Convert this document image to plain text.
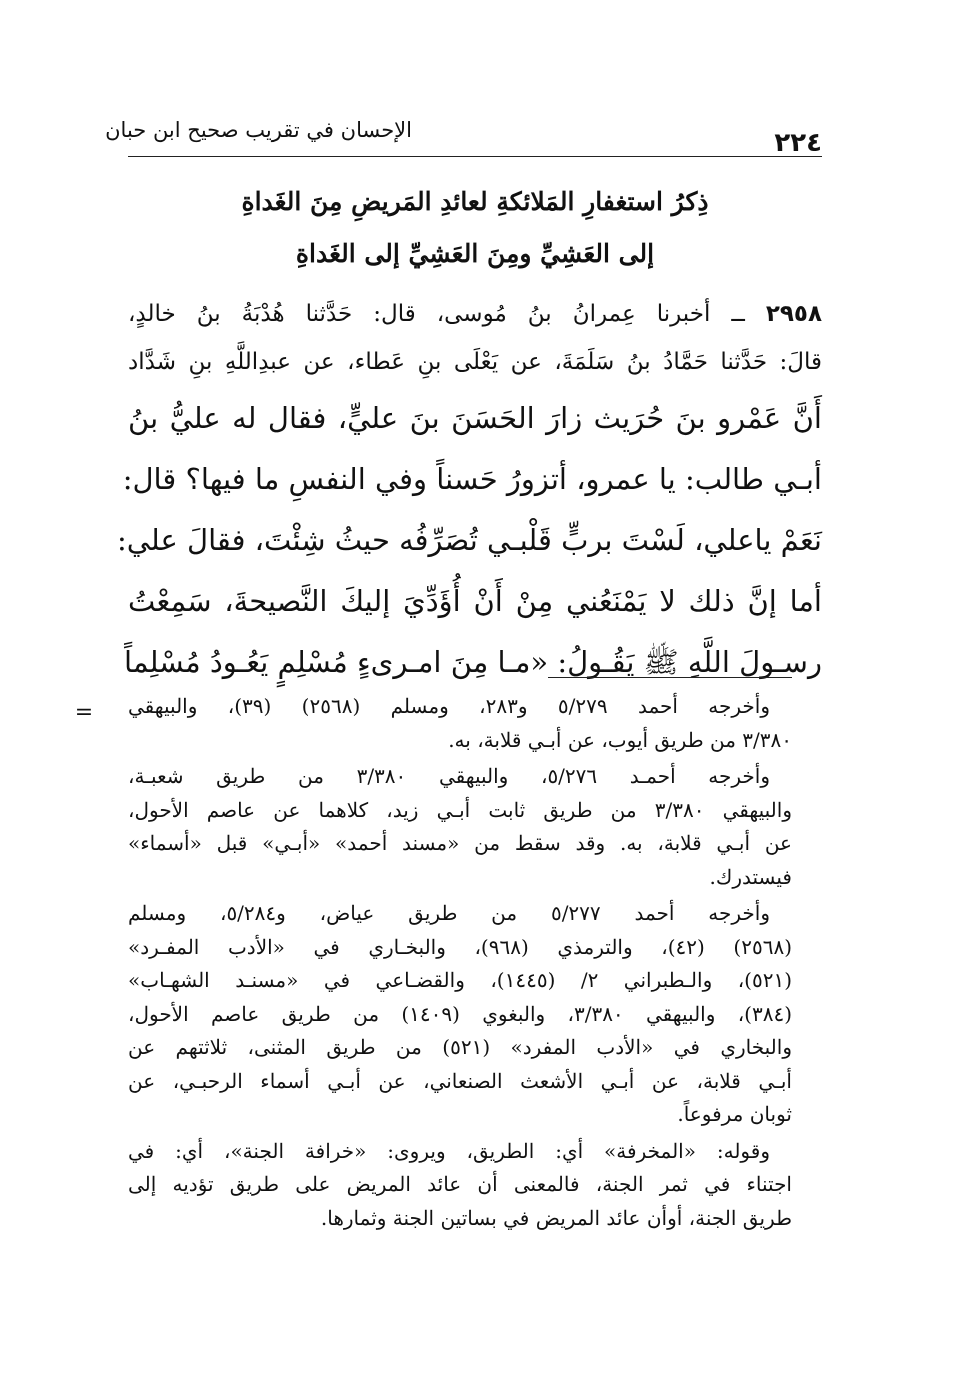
٢٢٤
الإحسان في تقريب صحيح ابن حبان
ذِكرُ استغفارِ المَلائكةِ لعائدِ المَريضِ مِنَ الغَداةِ
إلى العَشِيِّ ومِنَ العَشِيِّ إلى الغَداةِ
٢٩٥٨ ــ أخبرنا عِمرانُ بنُ مُوسى، قال: حَدَّثنا هُدْبَةُ بنُ خالدٍ،
قالَ: حَدَّثنا حَمَّادُ بنُ سَلَمَةَ، عن يَعْلَى بنِ عَطاء، عن عبدِاللَّهِ بنِ شَدَّاد
أَنَّ عَمْرو بنَ حُرَيث زارَ الحَسَنَ بنَ عليٍّ، فقال له عليُّ بنُ
أبـي طالب: يا عمرو، أتزورُ حَسناً وفي النفسِ ما فيها؟ قال:
نَعَمْ ياعلي، لَسْتَ بربٍّ قَلْبـي تُصَرِّفُه حيثُ شِئْتَ، فقالَ علي:
أما إنَّ ذلك لا يَمْنَعُني مِنْ أَنْ أُؤَدِّيَ إليكَ النَّصيحةَ، سَمِعْتُ
رسـولَ اللَّهِ ﷺ يَقُـولُ: «مـا مِنَ امـرىءٍ مُسْلِمٍ يَعُـودُ مُسْلِماً
=	وأخرجه أحمد ٥/٢٧٩ و٢٨٣، ومسلم (٢٥٦٨) (٣٩)، والبيهقي
٣/٣٨٠ من طريق أيوب، عن أبـي قلابة، به.
وأخرجه أحمـد ٥/٢٧٦، والبيهقي ٣/٣٨٠ من طريق شعبـة،
والبيهقي ٣/٣٨٠ من طريق ثابت أبـي زيد، كلاهما عن عاصم الأحول،
عن أبـي قلابة، به. وقد سقط من «مسند أحمد» «أبـي» قبل «أسماء»
فيستدرك.
وأخرجه أحمد ٥/٢٧٧ من طريق عياض، و٥/٢٨٤، ومسلم
(٢٥٦٨) (٤٢)، والترمذي (٩٦٨)، والبخـاري في «الأدب المفـرد»
(٥٢١)، والـطبراني ٢/ (١٤٤٥)، والقضـاعي في «مسنـد الشهـاب»
(٣٨٤)، والبيهقي ٣/٣٨٠، والبغوي (١٤٠٩) من طريق عاصم الأحول،
والبخاري في «الأدب المفرد» (٥٢١) من طريق المثنى، ثلاثتهم عن
أبـي قلابة، عن أبـي الأشعث الصنعاني، عن أبـي أسماء الرحبـي، عن
ثوبان مرفوعاً.
وقوله: «المخرفة» أي: الطريق، ويروى: «خرافة الجنة»، أي: في
اجتناء في ثمر الجنة، فالمعنى أن عائد المريض على طريق تؤديه إلى
طريق الجنة، أوأن عائد المريض في بساتين الجنة وثمارها.
